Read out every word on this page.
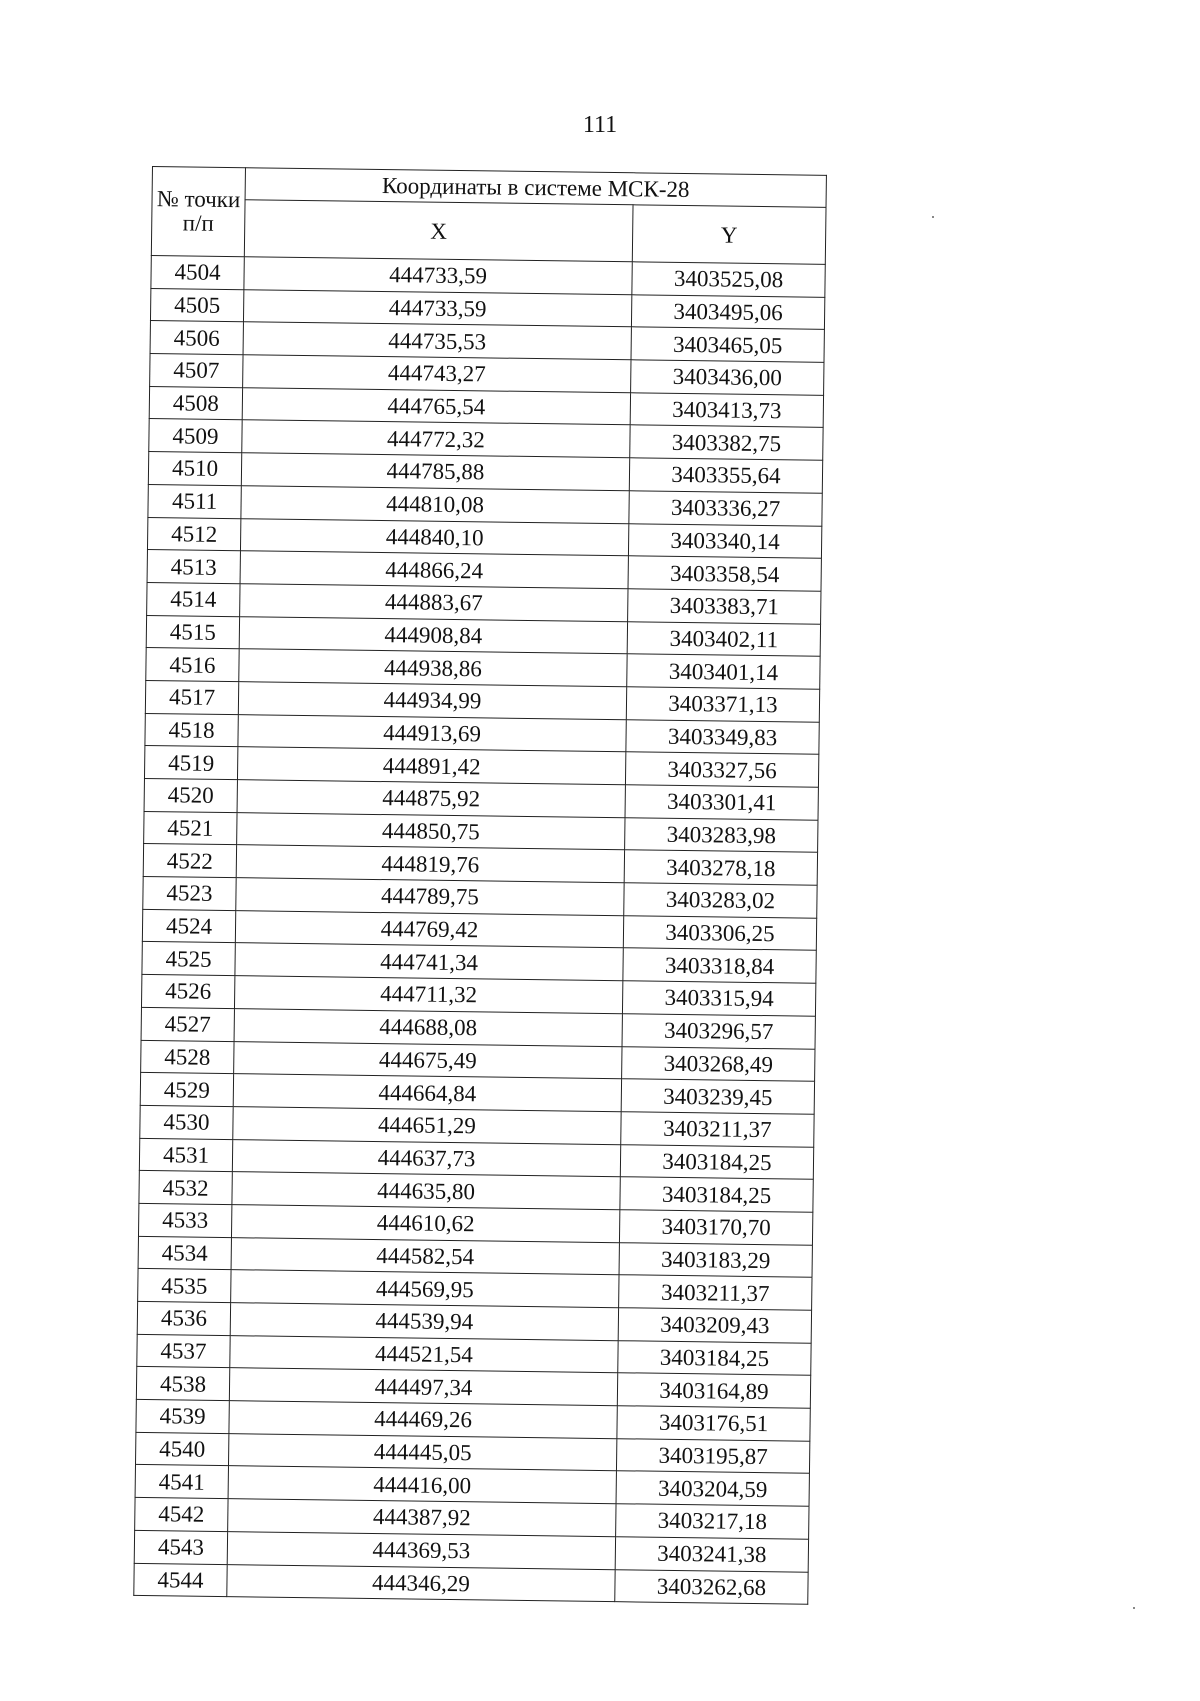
111
№ точки п/п	Координаты в системе МСК-28	
	X	Y
4504	444733,59	3403525,08
4505	444733,59	3403495,06
4506	444735,53	3403465,05
4507	444743,27	3403436,00
4508	444765,54	3403413,73
4509	444772,32	3403382,75
4510	444785,88	3403355,64
4511	444810,08	3403336,27
4512	444840,10	3403340,14
4513	444866,24	3403358,54
4514	444883,67	3403383,71
4515	444908,84	3403402,11
4516	444938,86	3403401,14
4517	444934,99	3403371,13
4518	444913,69	3403349,83
4519	444891,42	3403327,56
4520	444875,92	3403301,41
4521	444850,75	3403283,98
4522	444819,76	3403278,18
4523	444789,75	3403283,02
4524	444769,42	3403306,25
4525	444741,34	3403318,84
4526	444711,32	3403315,94
4527	444688,08	3403296,57
4528	444675,49	3403268,49
4529	444664,84	3403239,45
4530	444651,29	3403211,37
4531	444637,73	3403184,25
4532	444635,80	3403184,25
4533	444610,62	3403170,70
4534	444582,54	3403183,29
4535	444569,95	3403211,37
4536	444539,94	3403209,43
4537	444521,54	3403184,25
4538	444497,34	3403164,89
4539	444469,26	3403176,51
4540	444445,05	3403195,87
4541	444416,00	3403204,59
4542	444387,92	3403217,18
4543	444369,53	3403241,38
4544	444346,29	3403262,68
